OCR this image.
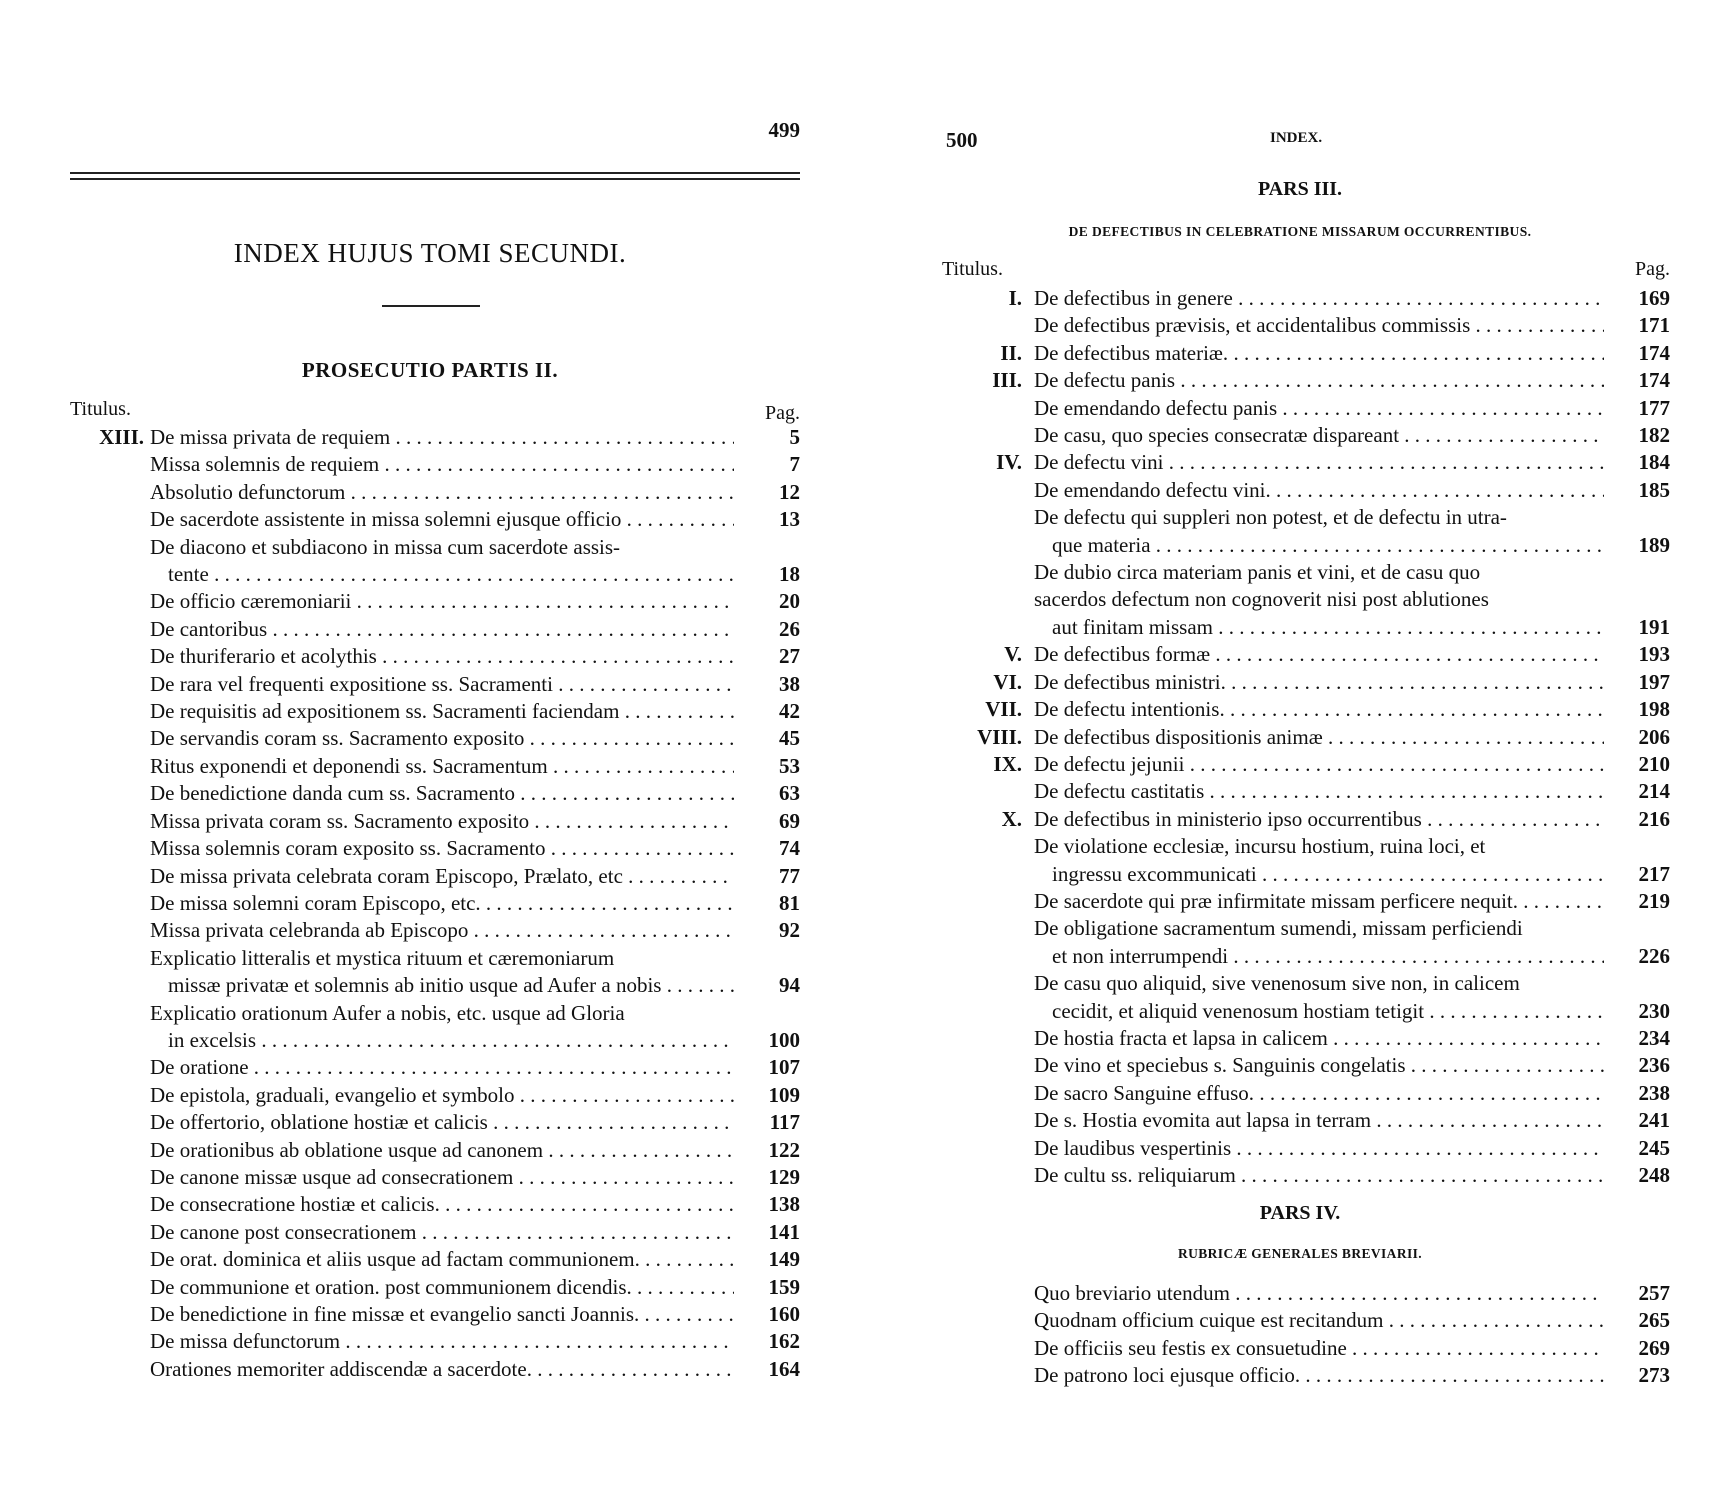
499
INDEX HUJUS TOMI SECUNDI.
PROSECUTIO PARTIS II.
Titulus.	Pag.
XIII. De missa privata de requiem . . .	5
Missa solemnis de requiem . . .	7
Absolutio defunctorum . . .	12
De sacerdote assistente in missa solemni ejusque officio . . .	13
De diacono et subdiacono in missa cum sacerdote assis-
tente . . .	18
De officio cæremoniarii . . .	20
De cantoribus . . .	26
De thuriferario et acolythis . . .	27
De rara vel frequenti expositione ss. Sacramenti . . .	38
De requisitis ad expositionem ss. Sacramenti faciendam . . .	42
De servandis coram ss. Sacramento exposito . . .	45
Ritus exponendi et deponendi ss. Sacramentum . . .	53
De benedictione danda cum ss. Sacramento . . .	63
Missa privata coram ss. Sacramento exposito . . .	69
Missa solemnis coram exposito ss. Sacramento . . .	74
De missa privata celebrata coram Episcopo, Prælato, etc . . .	77
De missa solemni coram Episcopo, etc. . . .	81
Missa privata celebranda ab Episcopo . . .	92
Explicatio litteralis et mystica rituum et cæremoniarum
missæ privatæ et solemnis ab initio usque ad Aufer a nobis . . .	94
Explicatio orationum Aufer a nobis, etc. usque ad Gloria
in excelsis . . .	100
De oratione . . .	107
De epistola, graduali, evangelio et symbolo . . .	109
De offertorio, oblatione hostiæ et calicis . . .	117
De orationibus ab oblatione usque ad canonem . . .	122
De canone missæ usque ad consecrationem . . .	129
De consecratione hostiæ et calicis. . . .	138
De canone post consecrationem . . .	141
De orat. dominica et aliis usque ad factam communionem. . . .	149
De communione et oration. post communionem dicendis. . . .	159
De benedictione in fine missæ et evangelio sancti Joannis. . . .	160
De missa defunctorum . . .	162
Orationes memoriter addiscendæ a sacerdote. . . .	164
500	INDEX.
PARS III.
DE DEFECTIBUS IN CELEBRATIONE MISSARUM OCCURRENTIBUS.
Titulus.	Pag.
I. De defectibus in genere . . .	169
De defectibus prævisis, et accidentalibus commissis . . .	171
II. De defectibus materiæ. . . .	174
III. De defectu panis . . .	174
De emendando defectu panis . . .	177
De casu, quo species consecratæ dispareant . . .	182
IV. De defectu vini . . .	184
De emendando defectu vini. . . .	185
De defectu qui suppleri non potest, et de defectu in utra-
que materia . . .	189
De dubio circa materiam panis et vini, et de casu quo
sacerdos defectum non cognoverit nisi post ablutiones
aut finitam missam . . .	191
V. De defectibus formæ . . .	193
VI. De defectibus ministri. . . .	197
VII. De defectu intentionis. . . .	198
VIII. De defectibus dispositionis animæ . . .	206
IX. De defectu jejunii . . .	210
De defectu castitatis . . .	214
X. De defectibus in ministerio ipso occurrentibus . . .	216
De violatione ecclesiæ, incursu hostium, ruina loci, et
ingressu excommunicati . . .	217
De sacerdote qui præ infirmitate missam perficere nequit. . . .	219
De obligatione sacramentum sumendi, missam perficiendi
et non interrumpendi . . .	226
De casu quo aliquid, sive venenosum sive non, in calicem
cecidit, et aliquid venenosum hostiam tetigit . . .	230
De hostia fracta et lapsa in calicem . . .	234
De vino et speciebus s. Sanguinis congelatis . . .	236
De sacro Sanguine effuso. . . .	238
De s. Hostia evomita aut lapsa in terram . . .	241
De laudibus vespertinis . . .	245
De cultu ss. reliquiarum . . .	248
PARS IV.
RUBRICÆ GENERALES BREVIARII.
Quo breviario utendum . . .	257
Quodnam officium cuique est recitandum . . .	265
De officiis seu festis ex consuetudine . . .	269
De patrono loci ejusque officio. . . .	273
